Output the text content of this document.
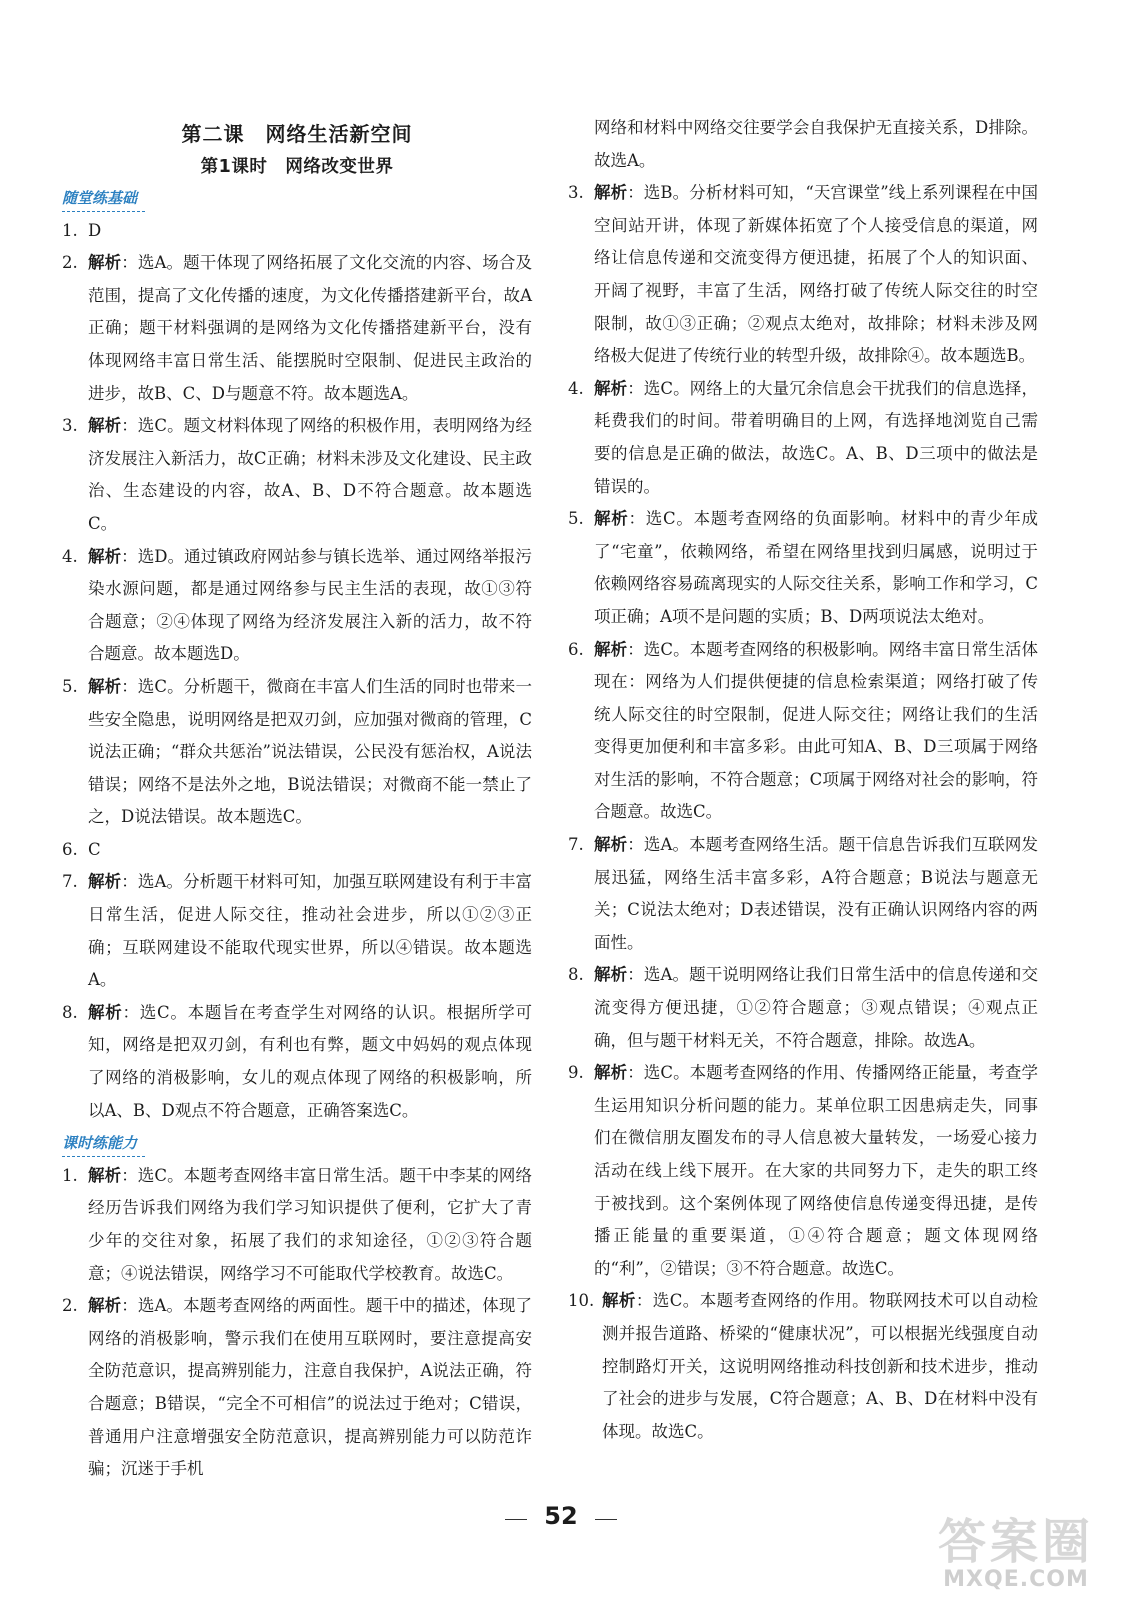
第二课　网络生活新空间
第1课时　网络改变世界
随堂练基础
1. D
2. 解析：选A。题干体现了网络拓展了文化交流的内容、场合及范围，提高了文化传播的速度，为文化传播搭建新平台，故A正确；题干材料强调的是网络为文化传播搭建新平台，没有体现网络丰富日常生活、能摆脱时空限制、促进民主政治的进步，故B、C、D与题意不符。故本题选A。
3. 解析：选C。题文材料体现了网络的积极作用，表明网络为经济发展注入新活力，故C正确；材料未涉及文化建设、民主政治、生态建设的内容，故A、B、D不符合题意。故本题选C。
4. 解析：选D。通过镇政府网站参与镇长选举、通过网络举报污染水源问题，都是通过网络参与民主生活的表现，故①③符合题意；②④体现了网络为经济发展注入新的活力，故不符合题意。故本题选D。
5. 解析：选C。分析题干，微商在丰富人们生活的同时也带来一些安全隐患，说明网络是把双刃剑，应加强对微商的管理，C说法正确；“群众共惩治”说法错误，公民没有惩治权，A说法错误；网络不是法外之地，B说法错误；对微商不能一禁止了之，D说法错误。故本题选C。
6. C
7. 解析：选A。分析题干材料可知，加强互联网建设有利于丰富日常生活，促进人际交往，推动社会进步，所以①②③正确；互联网建设不能取代现实世界，所以④错误。故本题选A。
8. 解析：选C。本题旨在考查学生对网络的认识。根据所学可知，网络是把双刃剑，有利也有弊，题文中妈妈的观点体现了网络的消极影响，女儿的观点体现了网络的积极影响，所以A、B、D观点不符合题意，正确答案选C。
课时练能力
1. 解析：选C。本题考查网络丰富日常生活。题干中李某的网络经历告诉我们网络为我们学习知识提供了便利，它扩大了青少年的交往对象，拓展了我们的求知途径，①②③符合题意；④说法错误，网络学习不可能取代学校教育。故选C。
2. 解析：选A。本题考查网络的两面性。题干中的描述，体现了网络的消极影响，警示我们在使用互联网时，要注意提高安全防范意识，提高辨别能力，注意自我保护，A说法正确，符合题意；B错误，“完全不可相信”的说法过于绝对；C错误，普通用户注意增强安全防范意识，提高辨别能力可以防范诈骗；沉迷于手机
网络和材料中网络交往要学会自我保护无直接关系，D排除。故选A。
3. 解析：选B。分析材料可知，“天宫课堂”线上系列课程在中国空间站开讲，体现了新媒体拓宽了个人接受信息的渠道，网络让信息传递和交流变得方便迅捷，拓展了个人的知识面、开阔了视野，丰富了生活，网络打破了传统人际交往的时空限制，故①③正确；②观点太绝对，故排除；材料未涉及网络极大促进了传统行业的转型升级，故排除④。故本题选B。
4. 解析：选C。网络上的大量冗余信息会干扰我们的信息选择，耗费我们的时间。带着明确目的上网，有选择地浏览自己需要的信息是正确的做法，故选C。A、B、D三项中的做法是错误的。
5. 解析：选C。本题考查网络的负面影响。材料中的青少年成了“宅童”，依赖网络，希望在网络里找到归属感，说明过于依赖网络容易疏离现实的人际交往关系，影响工作和学习，C项正确；A项不是问题的实质；B、D两项说法太绝对。
6. 解析：选C。本题考查网络的积极影响。网络丰富日常生活体现在：网络为人们提供便捷的信息检索渠道；网络打破了传统人际交往的时空限制，促进人际交往；网络让我们的生活变得更加便利和丰富多彩。由此可知A、B、D三项属于网络对生活的影响，不符合题意；C项属于网络对社会的影响，符合题意。故选C。
7. 解析：选A。本题考查网络生活。题干信息告诉我们互联网发展迅猛，网络生活丰富多彩，A符合题意；B说法与题意无关；C说法太绝对；D表述错误，没有正确认识网络内容的两面性。
8. 解析：选A。题干说明网络让我们日常生活中的信息传递和交流变得方便迅捷，①②符合题意；③观点错误；④观点正确，但与题干材料无关，不符合题意，排除。故选A。
9. 解析：选C。本题考查网络的作用、传播网络正能量，考查学生运用知识分析问题的能力。某单位职工因患病走失，同事们在微信朋友圈发布的寻人信息被大量转发，一场爱心接力活动在线上线下展开。在大家的共同努力下，走失的职工终于被找到。这个案例体现了网络使信息传递变得迅捷，是传播正能量的重要渠道，①④符合题意；题文体现网络的“利”，②错误；③不符合题意。故选C。
10. 解析：选C。本题考查网络的作用。物联网技术可以自动检测并报告道路、桥梁的“健康状况”，可以根据光线强度自动控制路灯开关，这说明网络推动科技创新和技术进步，推动了社会的进步与发展，C符合题意；A、B、D在材料中没有体现。故选C。
52	答案圈
MXQE.COM
